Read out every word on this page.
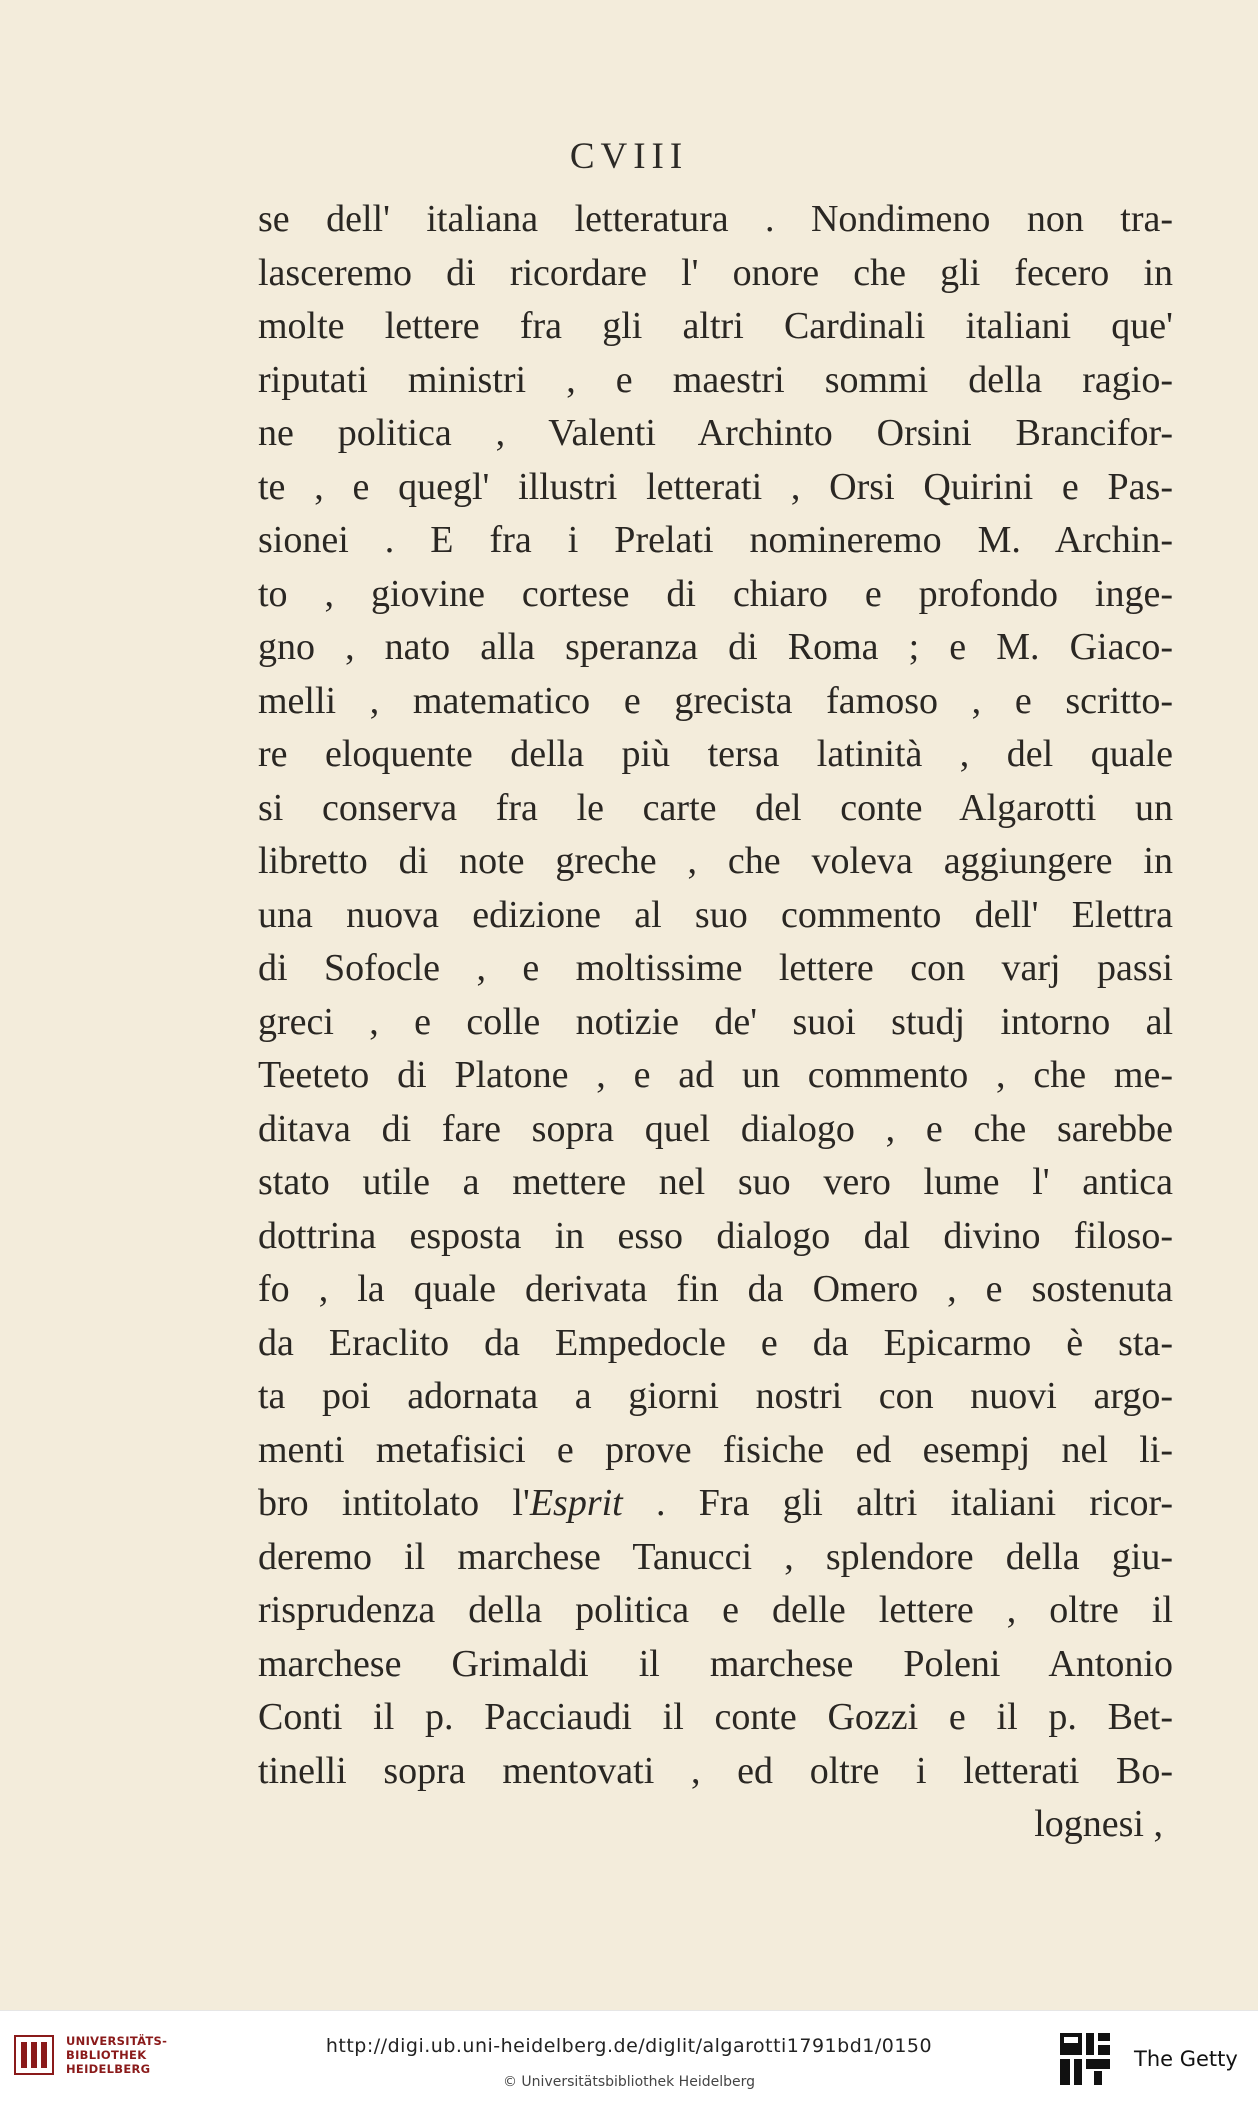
CVIII
se dell' italiana letteratura . Nondimeno non tra-
lasceremo di ricordare l' onore che gli fecero in
molte lettere fra gli altri Cardinali italiani que'
riputati ministri , e maestri sommi della ragio-
ne politica , Valenti Archinto Orsini Brancifor-
te , e quegl' illustri letterati , Orsi Quirini e Pas-
sionei . E fra i Prelati nomineremo M. Archin-
to , giovine cortese di chiaro e profondo inge-
gno , nato alla speranza di Roma ; e M. Giaco-
melli , matematico e grecista famoso , e scritto-
re eloquente della più tersa latinità , del quale
si conserva fra le carte del conte Algarotti un
libretto di note greche , che voleva aggiungere in
una nuova edizione al suo commento dell' Elettra
di Sofocle , e moltissime lettere con varj passi
greci , e colle notizie de' suoi studj intorno al
Teeteto di Platone , e ad un commento , che me-
ditava di fare sopra quel dialogo , e che sarebbe
stato utile a mettere nel suo vero lume l' antica
dottrina esposta in esso dialogo dal divino filoso-
fo , la quale derivata fin da Omero , e sostenuta
da Eraclito da Empedocle e da Epicarmo è sta-
ta poi adornata a giorni nostri con nuovi argo-
menti metafisici e prove fisiche ed esempj nel li-
bro intitolato l'Esprit . Fra gli altri italiani ricor-
deremo il marchese Tanucci , splendore della giu-
risprudenza della politica e delle lettere , oltre il
marchese Grimaldi il marchese Poleni Antonio
Conti il p. Pacciaudi il conte Gozzi e il p. Bet-
tinelli sopra mentovati , ed oltre i letterati Bo-
lognesi ,
UNIVERSITÄTS-
BIBLIOTHEK
HEIDELBERG
http://digi.ub.uni-heidelberg.de/diglit/algarotti1791bd1/0150
© Universitätsbibliothek Heidelberg
The Getty
